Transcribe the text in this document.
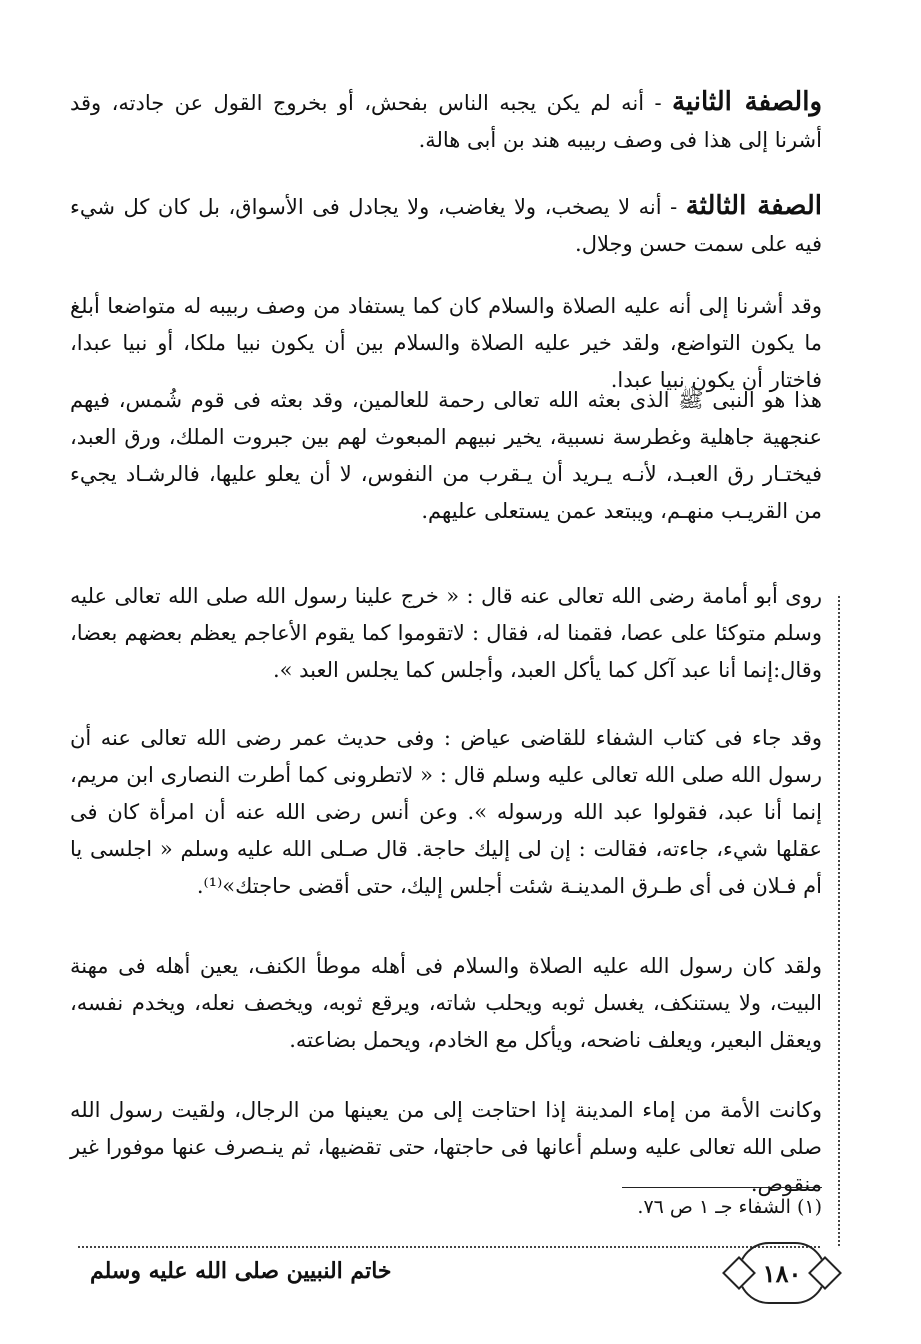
والصفة الثانية - أنه لم يكن يجبه الناس بفحش، أو بخروج القول عن جادته، وقد أشرنا إلى هذا فى وصف ربيبه هند بن أبى هالة.

الصفة الثالثة - أنه لا يصخب، ولا يغاضب، ولا يجادل فى الأسواق، بل كان كل شيء فيه على سمت حسن وجلال.

وقد أشرنا إلى أنه عليه الصلاة والسلام كان كما يستفاد من وصف ربيبه له متواضعا أبلغ ما يكون التواضع، ولقد خير عليه الصلاة والسلام بين أن يكون نبيا ملكا، أو نبيا عبدا، فاختار أن يكون نبيا عبدا.

هذا هو النبى ﷺ الذى بعثه الله تعالى رحمة للعالمين، وقد بعثه فى قوم شُمس، فيهم عنجهية جاهلية وغطرسة نسبية، يخير نبيهم المبعوث لهم بين جبروت الملك، ورق العبد، فيختـار رق العبـد، لأنـه يـريد أن يـقرب من النفوس، لا أن يعلو عليها، فالرشـاد يجيء من القريـب منهـم، ويبتعد عمن يستعلى عليهم.

روى أبو أمامة رضى الله تعالى عنه قال : « خرج علينا رسول الله صلى الله تعالى عليه وسلم متوكئا على عصا، فقمنا له، فقال : لاتقوموا كما يقوم الأعاجم يعظم بعضهم بعضا، وقال:إنما أنا عبد آكل كما يأكل العبد، وأجلس كما يجلس العبد ».

وقد جاء فى كتاب الشفاء للقاضى عياض : وفى حديث عمر رضى الله تعالى عنه أن رسول الله صلى الله تعالى عليه وسلم قال : « لاتطرونى كما أطرت النصارى ابن مريم، إنما أنا عبد، فقولوا عبد الله ورسوله ». وعن أنس رضى الله عنه أن امرأة كان فى عقلها شيء، جاءته، فقالت : إن لى إليك حاجة. قال صـلى الله عليه وسلم « اجلسى يا أم فـلان فى أى طـرق المدينـة شئت أجلس إليك، حتى أقضى حاجتك»⁽¹⁾.

ولقد كان رسول الله عليه الصلاة والسلام فى أهله موطأ الكنف، يعين أهله فى مهنة البيت، ولا يستنكف، يغسل ثوبه ويحلب شاته، ويرقع ثوبه، ويخصف نعله، ويخدم نفسه، ويعقل البعير، ويعلف ناضحه، ويأكل مع الخادم، ويحمل بضاعته.

وكانت الأمة من إماء المدينة إذا احتاجت إلى من يعينها من الرجال، ولقيت رسول الله صلى الله تعالى عليه وسلم أعانها فى حاجتها، حتى تقضيها، ثم ينـصرف عنها موفورا غير منقوص.

(١) الشفاء جـ ١ ص ٧٦.

١٨٠

خاتم النبيين صلى الله عليه وسلم
